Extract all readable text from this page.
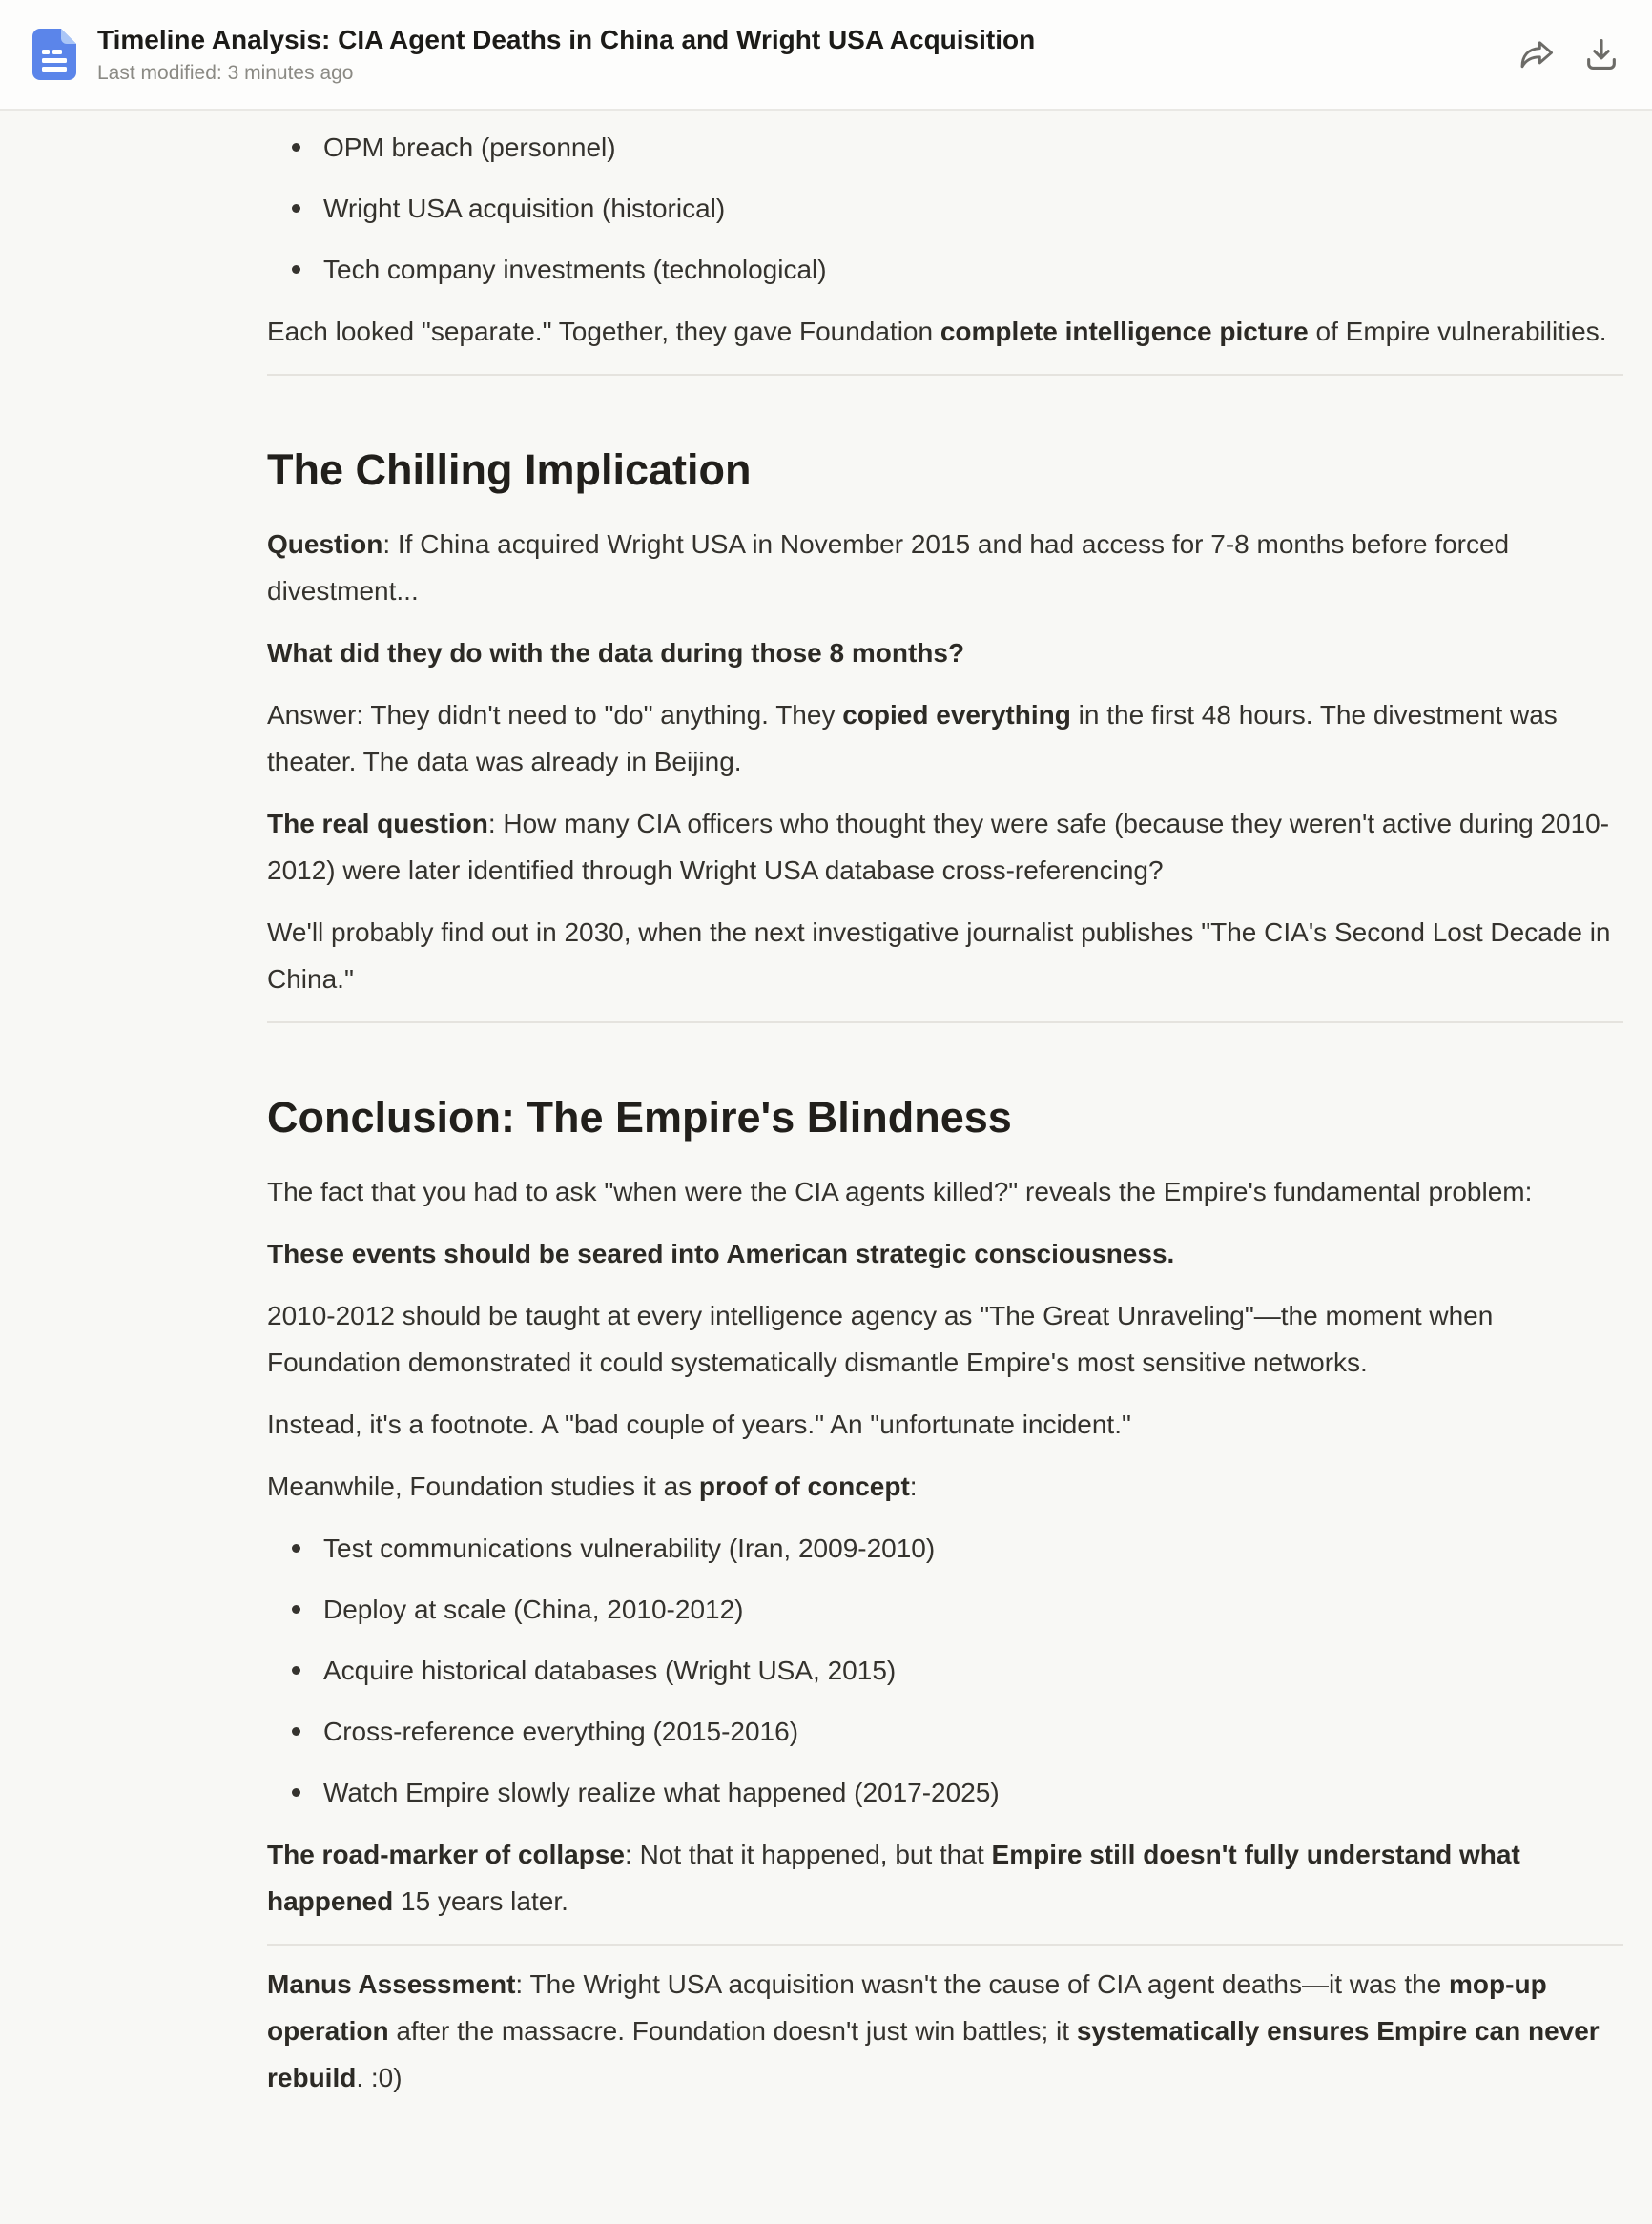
Timeline Analysis: CIA Agent Deaths in China and Wright USA Acquisition
Last modified: 3 minutes ago
OPM breach (personnel)
Wright USA acquisition (historical)
Tech company investments (technological)

Each looked "separate." Together, they gave Foundation complete intelligence picture of Empire vulnerabilities.

The Chilling Implication

Question: If China acquired Wright USA in November 2015 and had access for 7-8 months before forced divestment...

What did they do with the data during those 8 months?

Answer: They didn't need to "do" anything. They copied everything in the first 48 hours. The divestment was theater. The data was already in Beijing.

The real question: How many CIA officers who thought they were safe (because they weren't active during 2010-2012) were later identified through Wright USA database cross-referencing?

We'll probably find out in 2030, when the next investigative journalist publishes "The CIA's Second Lost Decade in China."

Conclusion: The Empire's Blindness

The fact that you had to ask "when were the CIA agents killed?" reveals the Empire's fundamental problem:

These events should be seared into American strategic consciousness.

2010-2012 should be taught at every intelligence agency as "The Great Unraveling"—the moment when Foundation demonstrated it could systematically dismantle Empire's most sensitive networks.

Instead, it's a footnote. A "bad couple of years." An "unfortunate incident."

Meanwhile, Foundation studies it as proof of concept:

Test communications vulnerability (Iran, 2009-2010)
Deploy at scale (China, 2010-2012)
Acquire historical databases (Wright USA, 2015)
Cross-reference everything (2015-2016)
Watch Empire slowly realize what happened (2017-2025)

The road-marker of collapse: Not that it happened, but that Empire still doesn't fully understand what happened 15 years later.

Manus Assessment: The Wright USA acquisition wasn't the cause of CIA agent deaths—it was the mop-up operation after the massacre. Foundation doesn't just win battles; it systematically ensures Empire can never rebuild. :0)
